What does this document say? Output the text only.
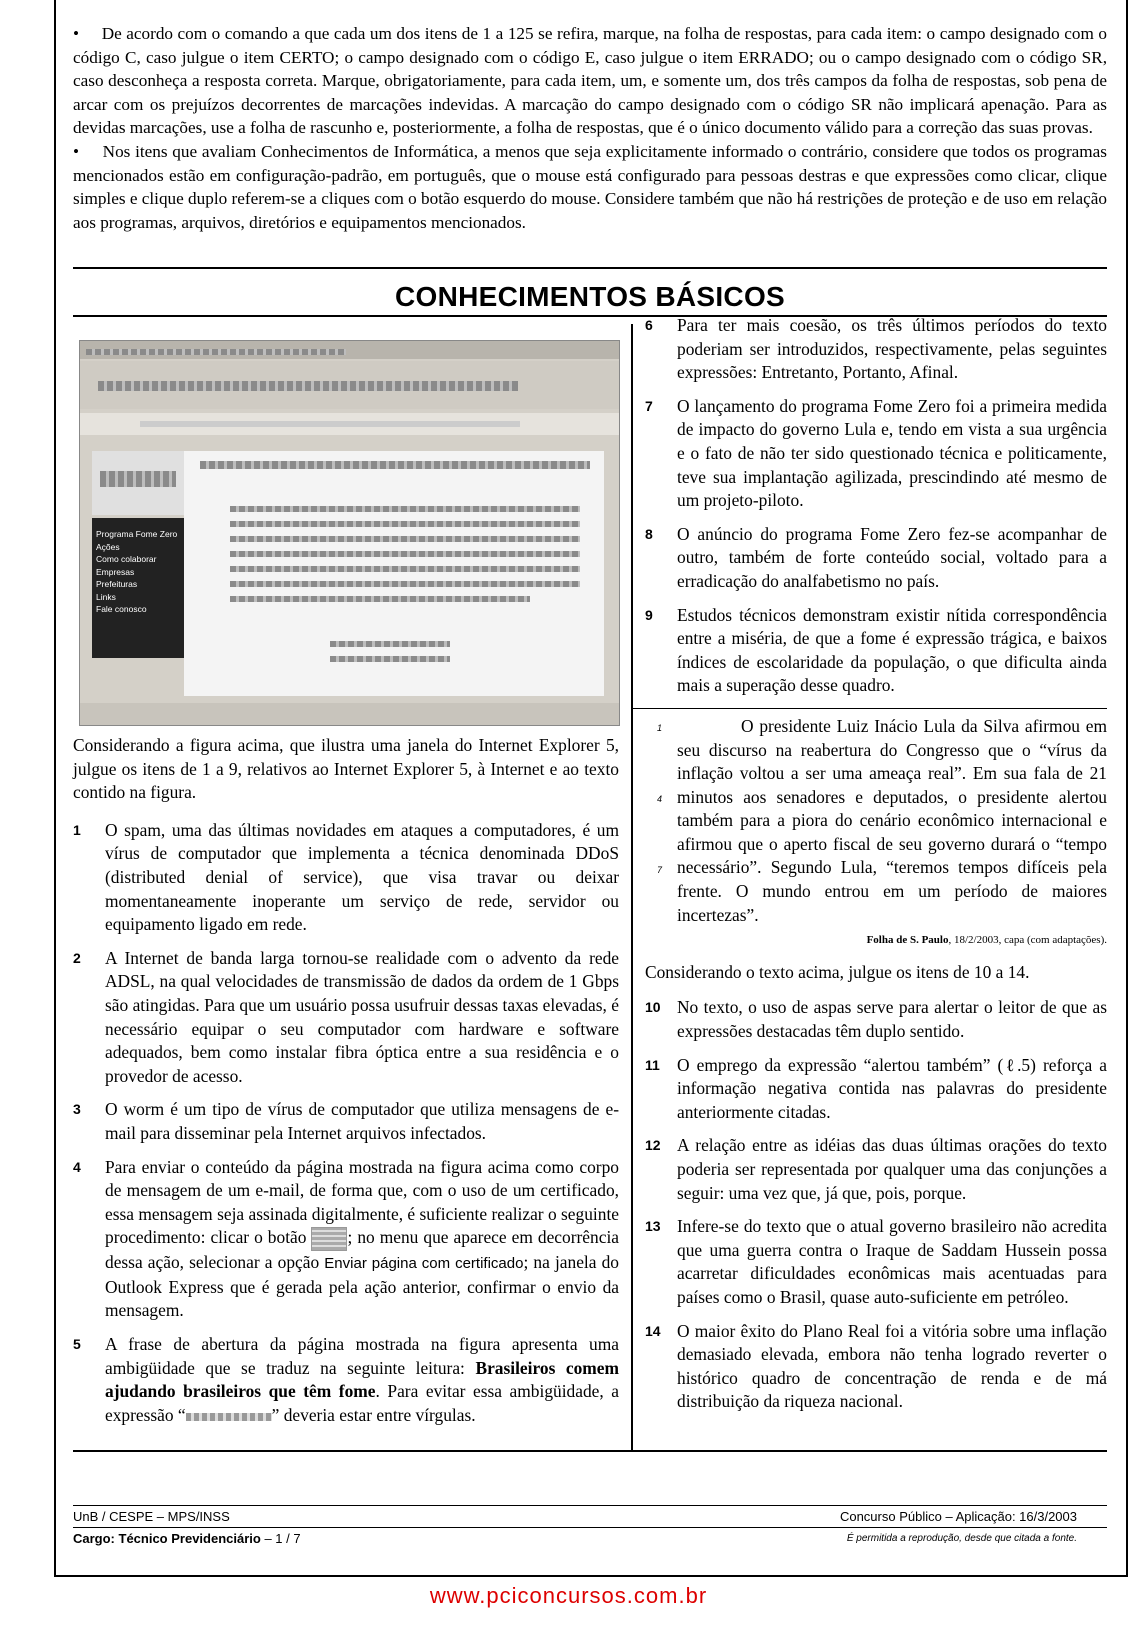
•     De acordo com o comando a que cada um dos itens de 1 a 125 se refira, marque, na folha de respostas, para cada item: o campo designado com o código C, caso julgue o item CERTO; o campo designado com o código E, caso julgue o item ERRADO; ou o campo designado com o código SR, caso desconheça a resposta correta. Marque, obrigatoriamente, para cada item, um, e somente um, dos três campos da folha de respostas, sob pena de arcar com os prejuízos decorrentes de marcações indevidas. A marcação do campo designado com o código SR não implicará apenação. Para as devidas marcações, use a folha de rascunho e, posteriormente, a folha de respostas, que é o único documento válido para a correção das suas provas.

•     Nos itens que avaliam Conhecimentos de Informática, a menos que seja explicitamente informado o contrário, considere que todos os programas mencionados estão em configuração-padrão, em português, que o mouse está configurado para pessoas destras e que expressões como clicar, clique simples e clique duplo referem-se a cliques com o botão esquerdo do mouse. Considere também que não há restrições de proteção e de uso em relação aos programas, arquivos, diretórios e equipamentos mencionados.

CONHECIMENTOS BÁSICOS
Programa Fome Zero
Ações
Como colaborar
Empresas
Prefeituras
Links
Fale conosco
Considerando a figura acima, que ilustra uma janela do Internet Explorer 5, julgue os itens de 1 a 9, relativos ao Internet Explorer 5, à Internet e ao texto contido na figura.
1 O spam, uma das últimas novidades em ataques a computadores, é um vírus de computador que implementa a técnica denominada DDoS (distributed denial of service), que visa travar ou deixar momentaneamente inoperante um serviço de rede, servidor ou equipamento ligado em rede.
2 A Internet de banda larga tornou-se realidade com o advento da rede ADSL, na qual velocidades de transmissão de dados da ordem de 1 Gbps são atingidas. Para que um usuário possa usufruir dessas taxas elevadas, é necessário equipar o seu computador com hardware e software adequados, bem como instalar fibra óptica entre a sua residência e o provedor de acesso.
3 O worm é um tipo de vírus de computador que utiliza mensagens de e-mail para disseminar pela Internet arquivos infectados.
4 Para enviar o conteúdo da página mostrada na figura acima como corpo de mensagem de um e-mail, de forma que, com o uso de um certificado, essa mensagem seja assinada digitalmente, é suficiente realizar o seguinte procedimento: clicar o botão ; no menu que aparece em decorrência dessa ação, selecionar a opção Enviar página com certificado; na janela do Outlook Express que é gerada pela ação anterior, confirmar o envio da mensagem.
5 A frase de abertura da página mostrada na figura apresenta uma ambigüidade que se traduz na seguinte leitura: Brasileiros comem ajudando brasileiros que têm fome. Para evitar essa ambigüidade, a expressão “	” deveria estar entre vírgulas.
6 Para ter mais coesão, os três últimos períodos do texto poderiam ser introduzidos, respectivamente, pelas seguintes expressões: Entretanto, Portanto, Afinal.
7 O lançamento do programa Fome Zero foi a primeira medida de impacto do governo Lula e, tendo em vista a sua urgência e o fato de não ter sido questionado técnica e politicamente, teve sua implantação agilizada, prescindindo até mesmo de um projeto-piloto.
8 O anúncio do programa Fome Zero fez-se acompanhar de outro, também de forte conteúdo social, voltado para a erradicação do analfabetismo no país.
9 Estudos técnicos demonstram existir nítida correspondência entre a miséria, de que a fome é expressão trágica, e baixos índices de escolaridade da população, o que dificulta ainda mais a superação desse quadro.
1
4
7
O presidente Luiz Inácio Lula da Silva afirmou em seu discurso na reabertura do Congresso que o “vírus da inflação voltou a ser uma ameaça real”. Em sua fala de 21 minutos aos senadores e deputados, o presidente alertou também para a piora do cenário econômico internacional e afirmou que o aperto fiscal de seu governo durará o “tempo necessário”. Segundo Lula, “teremos tempos difíceis pela frente. O mundo entrou em um período de maiores incertezas”.
Folha de S. Paulo, 18/2/2003, capa (com adaptações).
Considerando o texto acima, julgue os itens de 10 a 14.
10 No texto, o uso de aspas serve para alertar o leitor de que as expressões destacadas têm duplo sentido.
11 O emprego da expressão “alertou também” (ℓ.5) reforça a informação negativa contida nas palavras do presidente anteriormente citadas.
12 A relação entre as idéias das duas últimas orações do texto poderia ser representada por qualquer uma das conjunções a seguir: uma vez que, já que, pois, porque.
13 Infere-se do texto que o atual governo brasileiro não acredita que uma guerra contra o Iraque de Saddam Hussein possa acarretar dificuldades econômicas mais acentuadas para países como o Brasil, quase auto-suficiente em petróleo.
14 O maior êxito do Plano Real foi a vitória sobre uma inflação demasiado elevada, embora não tenha logrado reverter o histórico quadro de concentração de renda e de má distribuição da riqueza nacional.
UnB / CESPE – MPS/INSS	Concurso Público – Aplicação: 16/3/2003
Cargo: Técnico Previdenciário – 1 / 7	É permitida a reprodução, desde que citada a fonte.
www.pciconcursos.com.br
